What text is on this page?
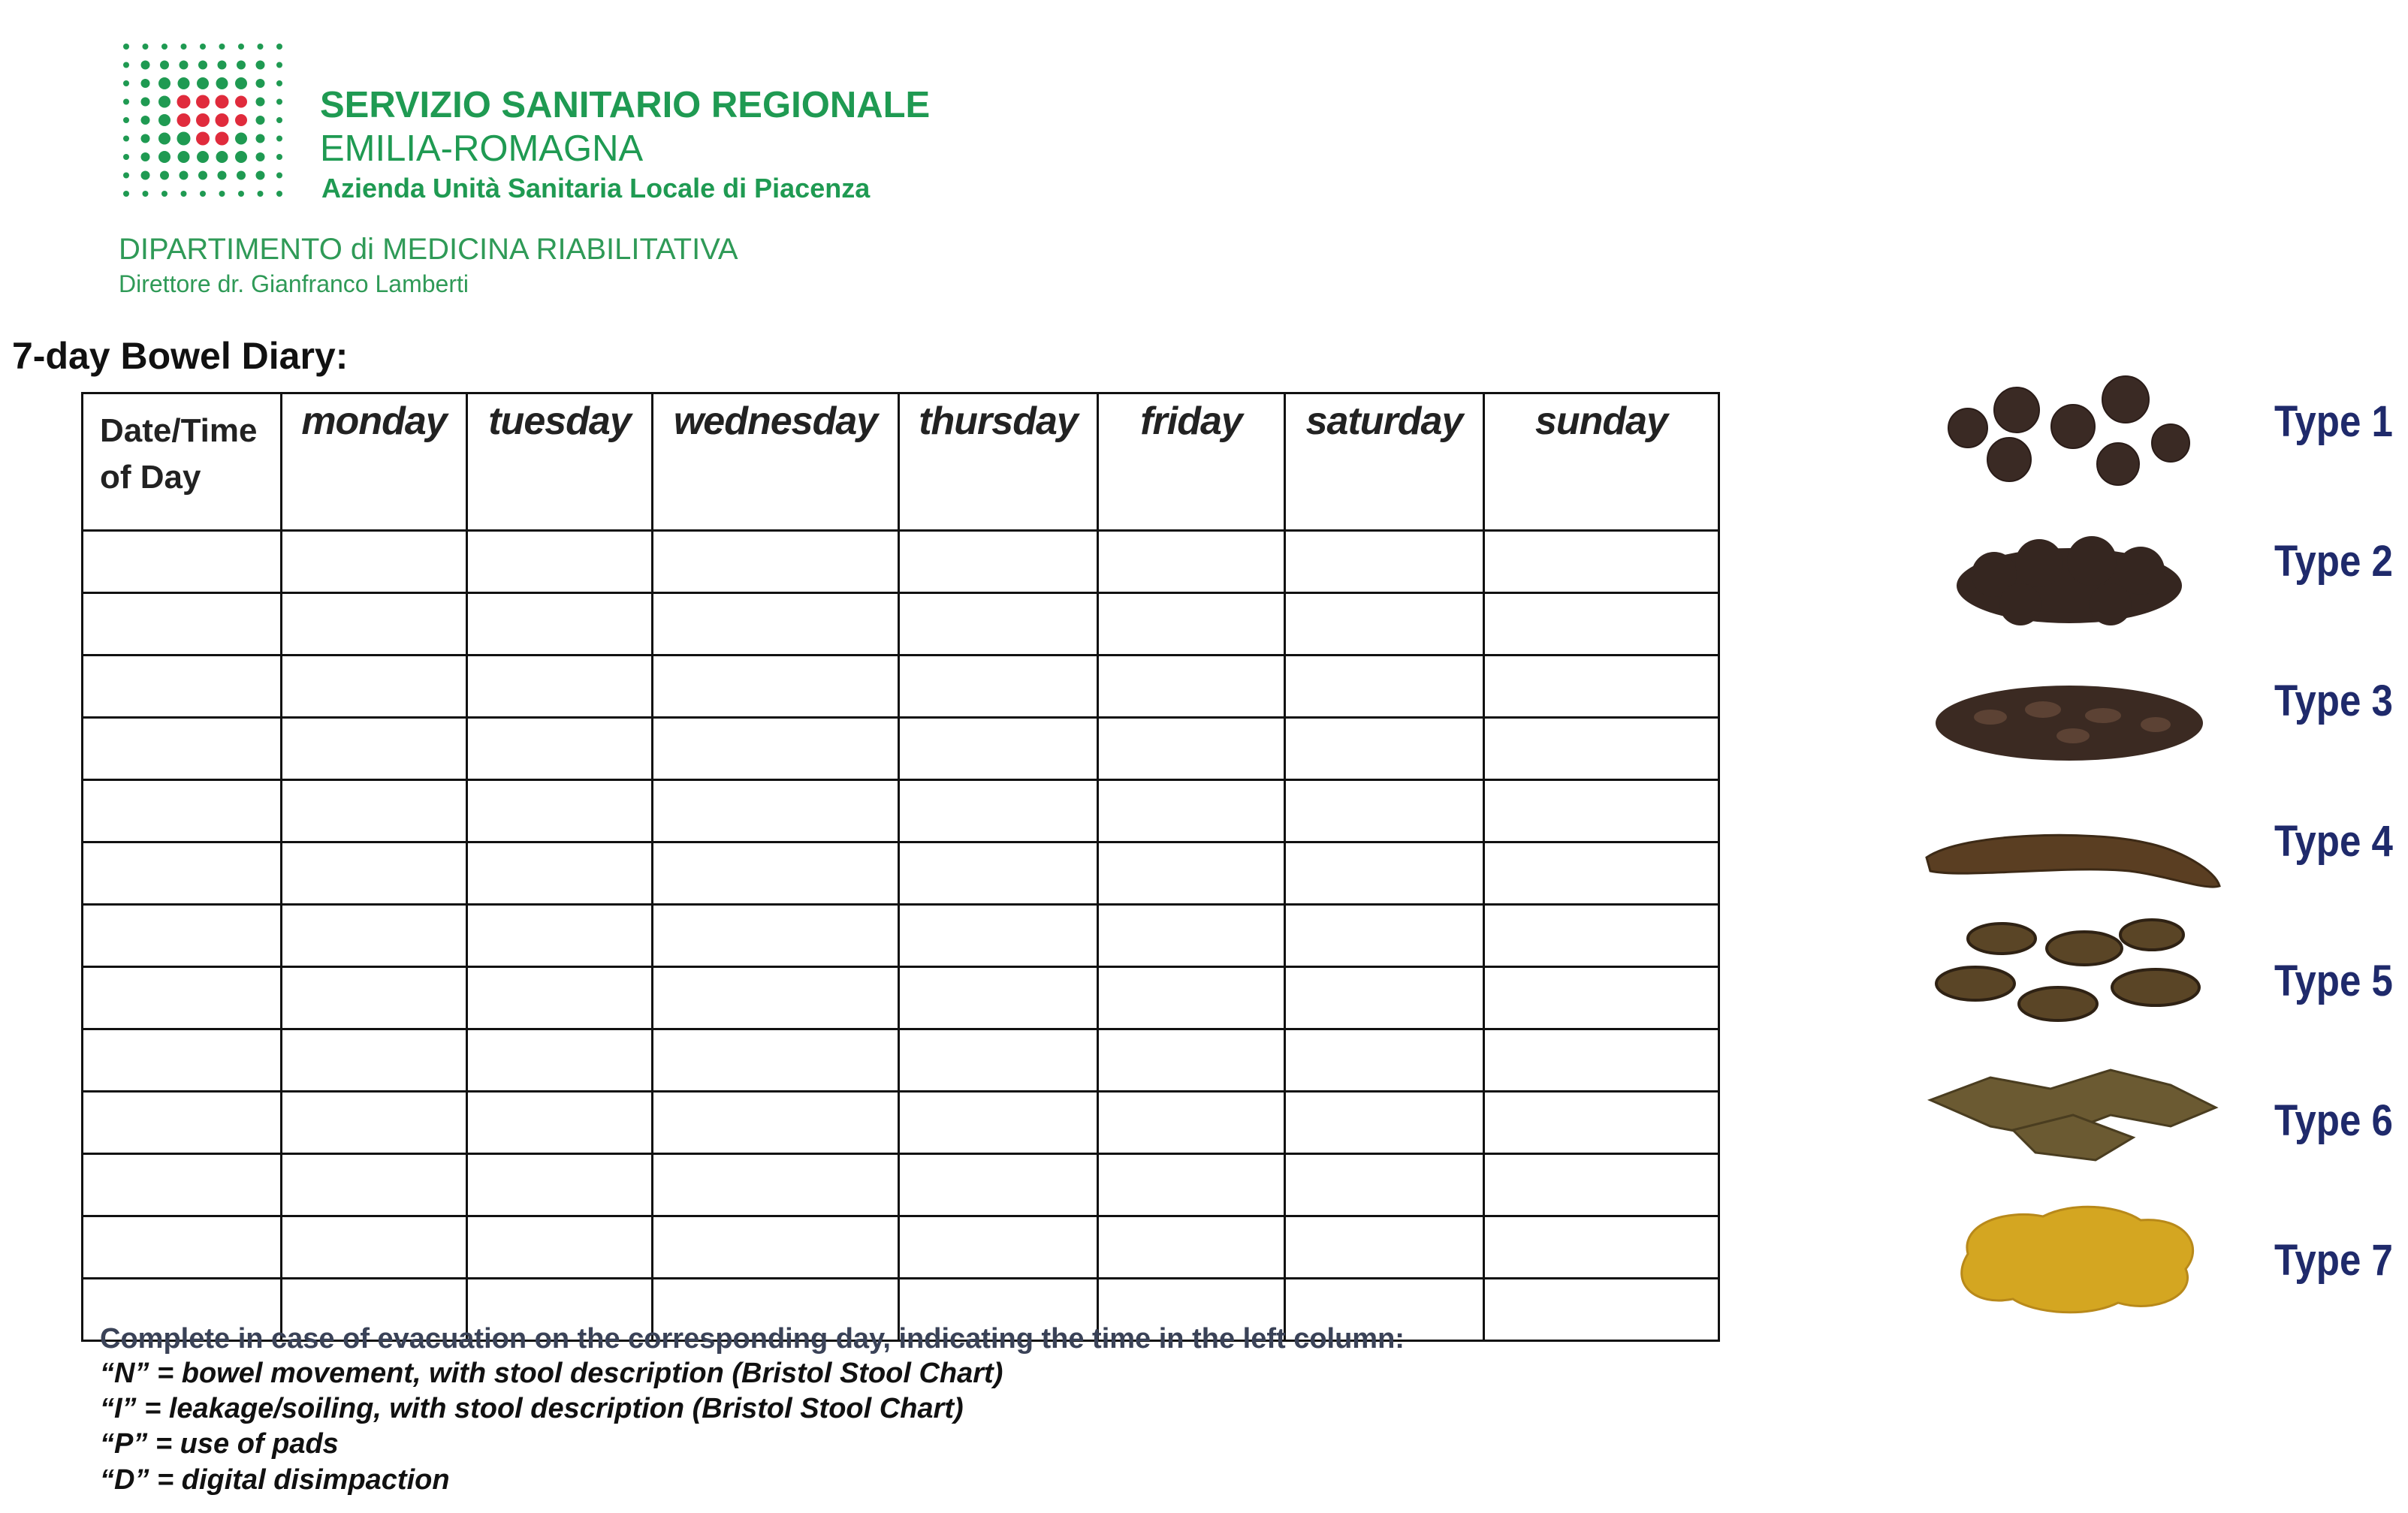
SERVIZIO SANITARIO REGIONALE
EMILIA-ROMAGNA
Azienda Unità Sanitaria Locale di Piacenza
DIPARTIMENTO di MEDICINA RIABILITATIVA
Direttore dr. Gianfranco Lamberti
7-day Bowel Diary:
Date/Time
of Day	monday	tuesday	wednesday	thursday	friday	saturday	sunday

Complete in case of evacuation on the corresponding day, indicating the time in the left column:
“N” = bowel movement, with stool description (Bristol Stool Chart)
“I” = leakage/soiling, with stool description (Bristol Stool Chart)
“P” = use of pads
“D” = digital disimpaction
Type 1
Type 2
Type 3
Type 4
Type 5
Type 6
Type 7
